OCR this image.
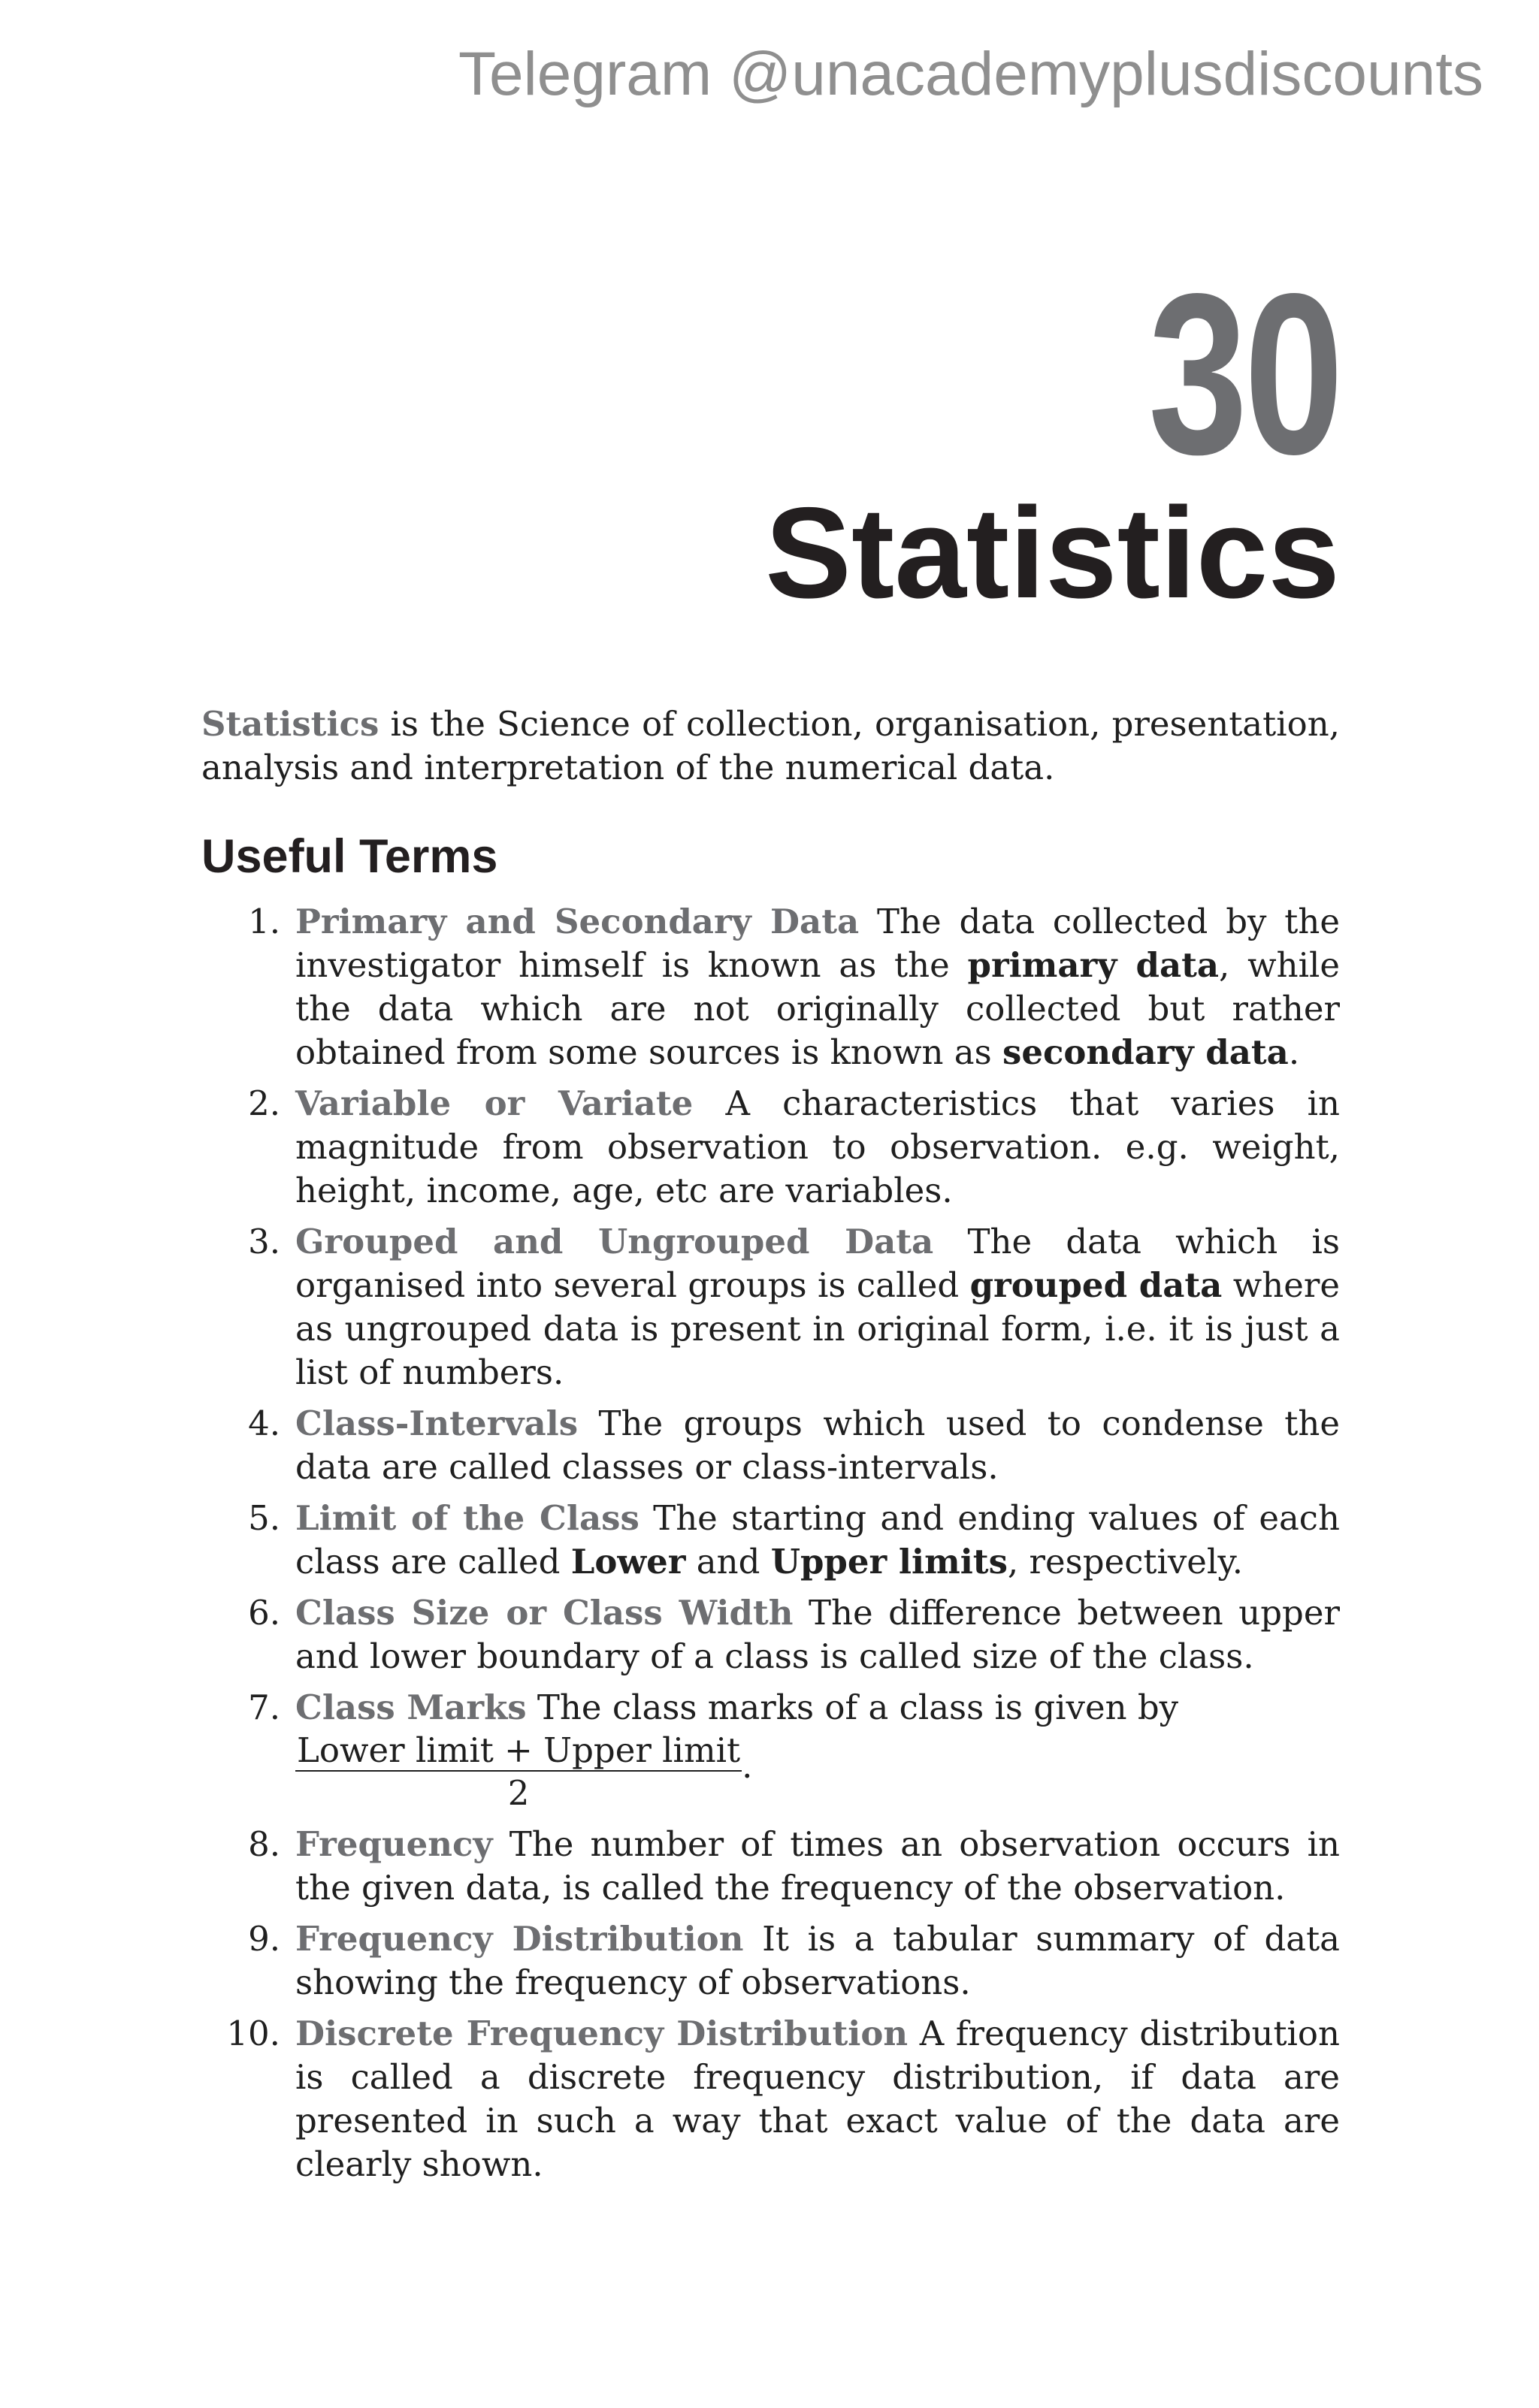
Telegram @unacademyplusdiscounts
30
Statistics

Statistics is the Science of collection, organisation, presentation, analysis and interpretation of the numerical data.

Useful Terms
1. Primary and Secondary Data The data collected by the investigator himself is known as the primary data, while the data which are not originally collected but rather obtained from some sources is known as secondary data.
2. Variable or Variate A characteristics that varies in magnitude from observation to observation. e.g. weight, height, income, age, etc are variables.
3. Grouped and Ungrouped Data The data which is organised into several groups is called grouped data where as ungrouped data is present in original form, i.e. it is just a list of numbers.
4. Class-Intervals The groups which used to condense the data are called classes or class-intervals.
5. Limit of the Class The starting and ending values of each class are called Lower and Upper limits, respectively.
6. Class Size or Class Width The difference between upper and lower boundary of a class is called size of the class.
7. Class Marks The class marks of a class is given by
$\frac{\text{Lower limit + Upper limit}}{2}$ .
8. Frequency The number of times an observation occurs in the given data, is called the frequency of the observation.
9. Frequency Distribution It is a tabular summary of data showing the frequency of observations.
10. Discrete Frequency Distribution A frequency distribution is called a discrete frequency distribution, if data are presented in such a way that exact value of the data are clearly shown.
